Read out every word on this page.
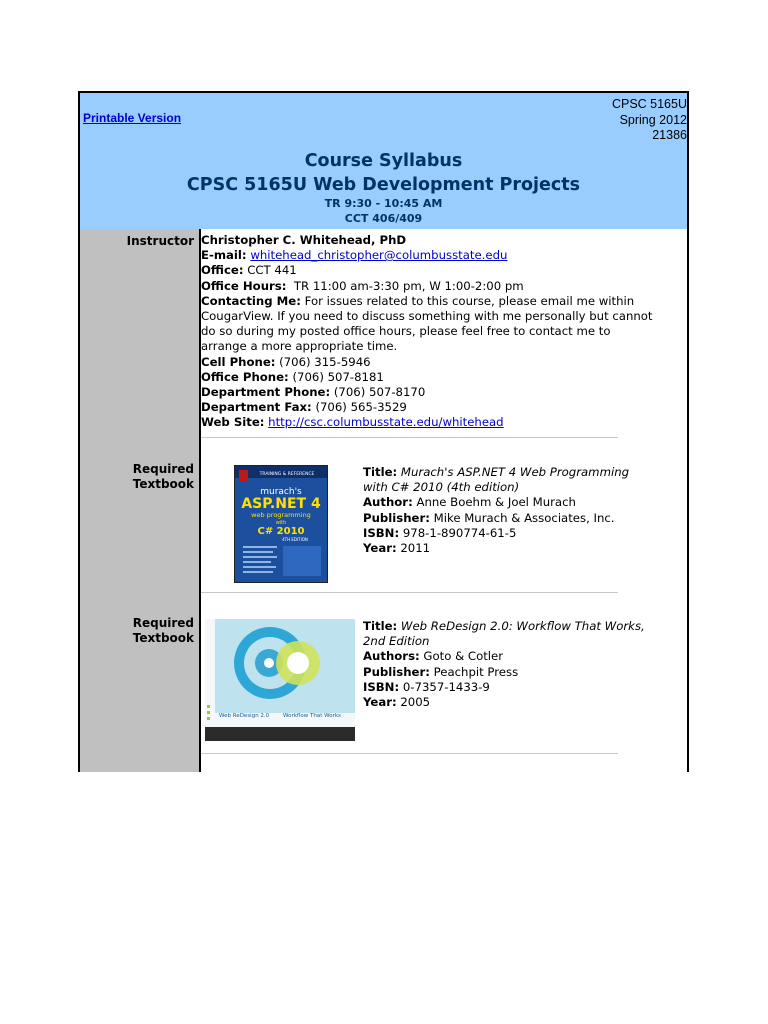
Printable Version
CPSC 5165U
Spring 2012
21386
Course Syllabus
CPSC 5165U Web Development Projects
TR 9:30 - 10:45 AM
CCT 406/409
Instructor
Required
Textbook
Required
Textbook
Christopher C. Whitehead, PhD
E-mail: whitehead_christopher@columbusstate.edu
Office: CCT 441
Office Hours: TR 11:00 am-3:30 pm, W 1:00-2:00 pm
Contacting Me: For issues related to this course, please email me within
CougarView. If you need to discuss something with me personally but cannot
do so during my posted office hours, please feel free to contact me to
arrange a more appropriate time.
Cell Phone: (706) 315-5946
Office Phone: (706) 507-8181
Department Phone: (706) 507-8170
Department Fax: (706) 565-3529
Web Site: http://csc.columbusstate.edu/whitehead
TRAINING & REFERENCE
murach's
ASP.NET 4
web programming
with
C# 2010
4TH EDITION
Title: Murach's ASP.NET 4 Web Programming
with C# 2010 (4th edition)
Author: Anne Boehm & Joel Murach
Publisher: Mike Murach & Associates, Inc.
ISBN: 978-1-890774-61-5
Year: 2011
Web ReDesign 2.0	Workflow That Works
Title: Web ReDesign 2.0: Workflow That Works,
2nd Edition
Authors: Goto & Cotler
Publisher: Peachpit Press
ISBN: 0-7357-1433-9
Year: 2005
